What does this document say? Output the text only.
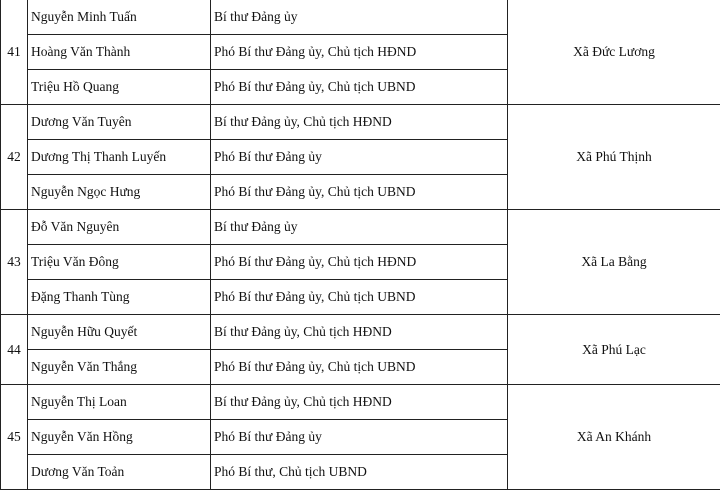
41	Nguyễn Minh Tuấn	Bí thư Đảng ủy	Xã Đức Lương
	Hoàng Văn Thành	Phó Bí thư Đảng ủy, Chủ tịch HĐND	
	Triệu Hồ Quang	Phó Bí thư Đảng ủy, Chủ tịch UBND	
42	Dương Văn Tuyên	Bí thư Đảng ủy, Chủ tịch HĐND	Xã Phú Thịnh
	Dương Thị Thanh Luyến	Phó Bí thư Đảng ủy	
	Nguyễn Ngọc Hưng	Phó Bí thư Đảng ủy, Chủ tịch UBND	
43	Đỗ Văn Nguyên	Bí thư Đảng ủy	Xã La Bằng
	Triệu Văn Đông	Phó Bí thư Đảng ủy, Chủ tịch HĐND	
	Đặng Thanh Tùng	Phó Bí thư Đảng ủy, Chủ tịch UBND	
44	Nguyễn Hữu Quyết	Bí thư Đảng ủy, Chủ tịch HĐND	Xã Phú Lạc
	Nguyễn Văn Thắng	Phó Bí thư Đảng ủy, Chủ tịch UBND	
45	Nguyễn Thị Loan	Bí thư Đảng ủy, Chủ tịch HĐND	Xã An Khánh
	Nguyễn Văn Hồng	Phó Bí thư Đảng ủy	
	Dương Văn Toản	Phó Bí thư, Chủ tịch UBND	
